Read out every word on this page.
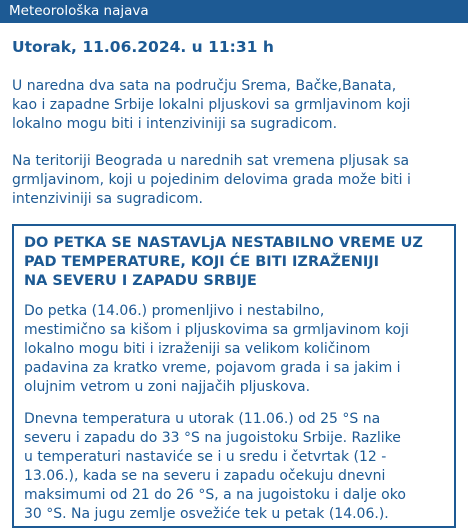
Meteorološka najava
Utorak, 11.06.2024. u 11:31 h

U naredna dva sata na području Srema, Bačke,Banata,
kao i zapadne Srbije lokalni pljuskovi sa grmljavinom koji
lokalno mogu biti i intenziviniji sa sugradicom.

Na teritoriji Beograda u narednih sat vremena pljusak sa
grmljavinom, koji u pojedinim delovima grada može biti i
intenziviniji sa sugradicom.

DO PETKA SE NASTAVLjA NESTABILNO VREME UZ
PAD TEMPERATURE, KOJI ĆE BITI IZRAŽENIJI
NA SEVERU I ZAPADU SRBIJE

Do petka (14.06.) promenljivo i nestabilno,
mestimično sa kišom i pljuskovima sa grmljavinom koji
lokalno mogu biti i izraženiji sa velikom količinom
padavina za kratko vreme, pojavom grada i sa jakim i
olujnim vetrom u zoni najjačih pljuskova.

Dnevna temperatura u utorak (11.06.) od 25 °S na
severu i zapadu do 33 °S na jugoistoku Srbije. Razlike
u temperaturi nastaviće se i u sredu i četvrtak (12 -
13.06.), kada se na severu i zapadu očekuju dnevni
maksimumi od 21 do 26 °S, a na jugoistoku i dalje oko
30 °S. Na jugu zemlje osvežiće tek u petak (14.06.).
